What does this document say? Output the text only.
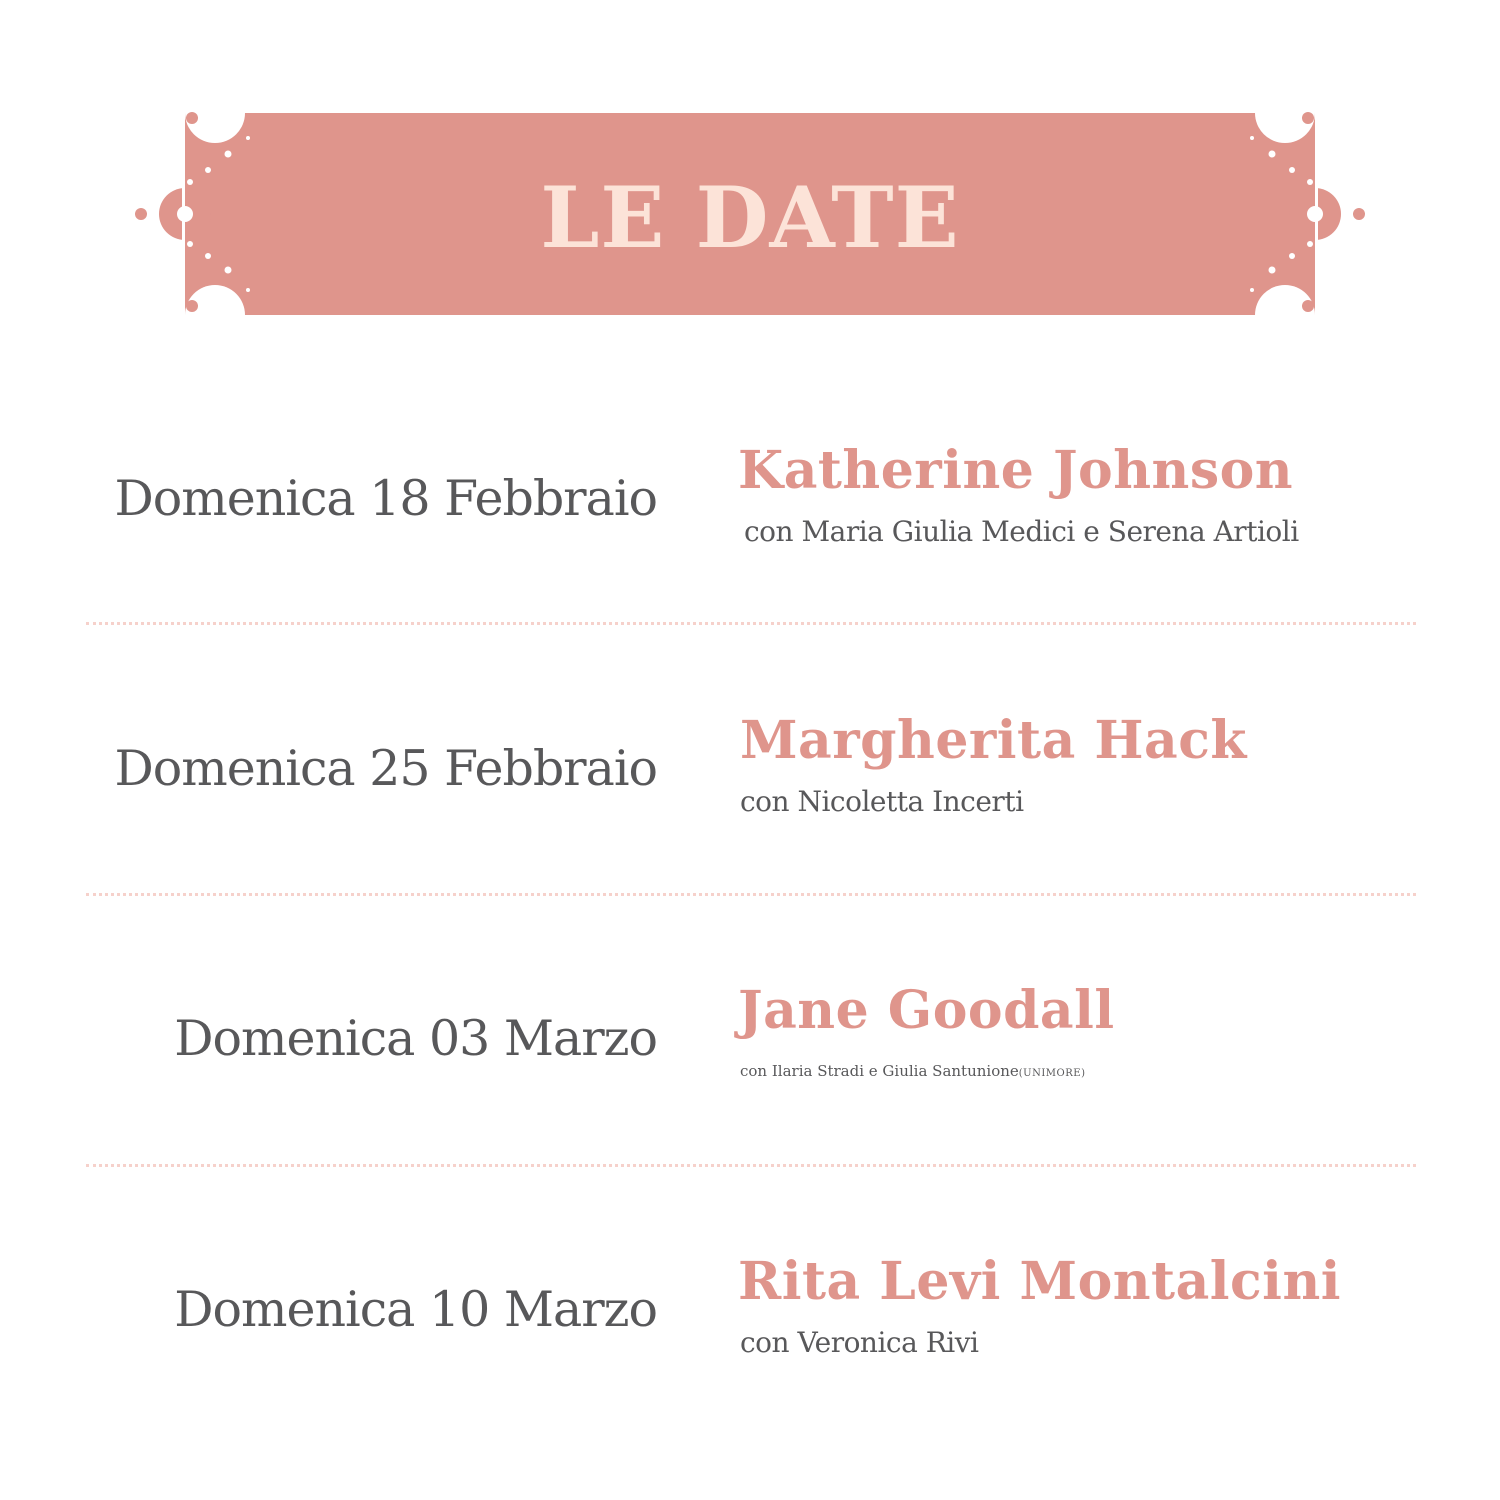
LE DATE
Domenica 18 Febbraio Katherine Johnson
con Maria Giulia Medici e Serena Artioli
Domenica 25 Febbraio Margherita Hack
con Nicoletta Incerti
Domenica 03 Marzo Jane Goodall
con Ilaria Stradi e Giulia Santunione(UNIMORE)
Domenica 10 Marzo Rita Levi Montalcini
con Veronica Rivi
